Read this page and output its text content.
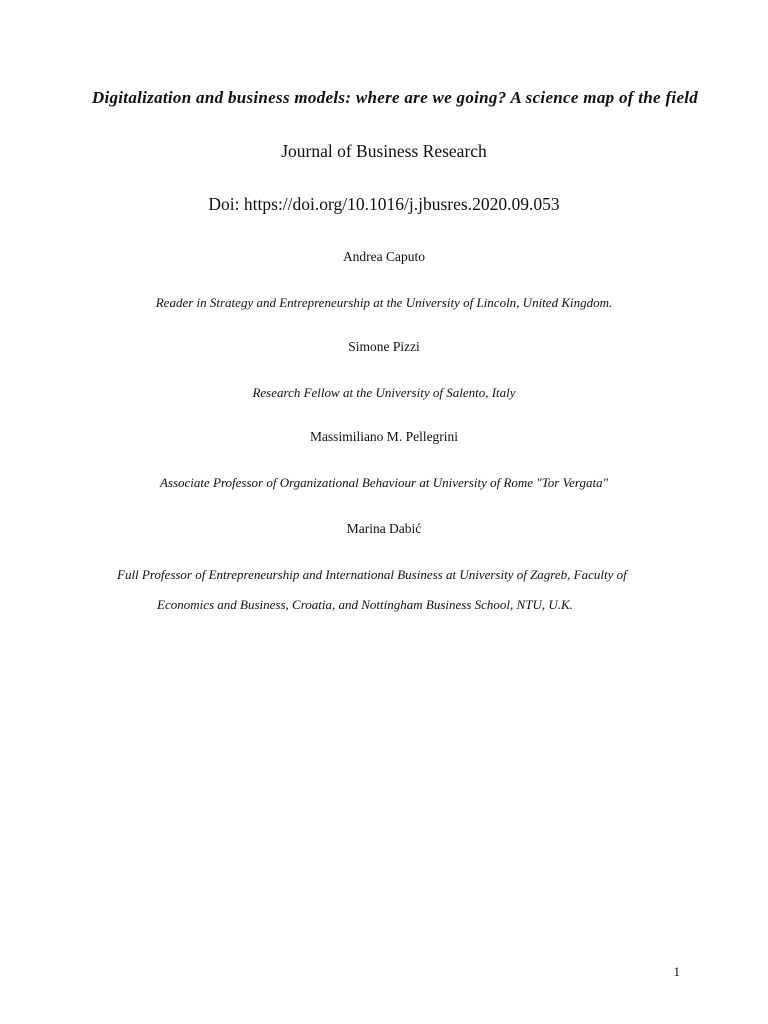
Digitalization and business models: where are we going? A science map of the field
Journal of Business Research
Doi: https://doi.org/10.1016/j.jbusres.2020.09.053
Andrea Caputo
Reader in Strategy and Entrepreneurship at the University of Lincoln, United Kingdom.
Simone Pizzi
Research Fellow at the University of Salento, Italy
Massimiliano M. Pellegrini
Associate Professor of Organizational Behaviour at University of Rome "Tor Vergata"
Marina Dabić
Full Professor of Entrepreneurship and International Business at University of Zagreb, Faculty of
Economics and Business, Croatia, and Nottingham Business School, NTU, U.K.
1
